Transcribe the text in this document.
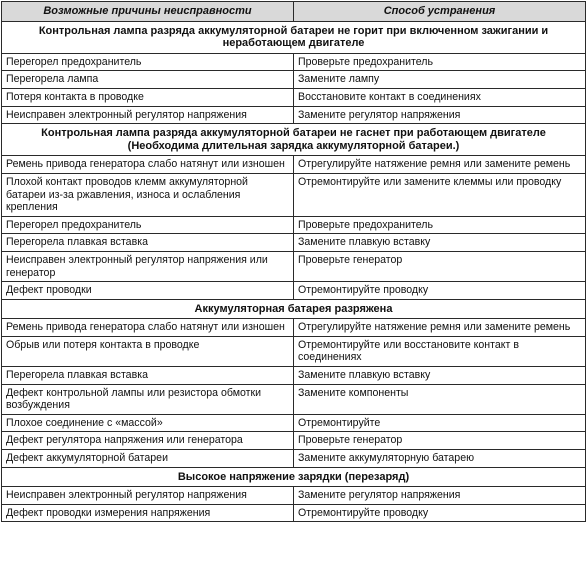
Возможные причины неисправности	Способ устранения
Контрольная лампа разряда аккумуляторной батареи не горит при включенном зажигании и неработающем двигателе	
Перегорел предохранитель	Проверьте предохранитель
Перегорела лампа	Замените лампу
Потеря контакта в проводке	Восстановите контакт в соединениях
Неисправен электронный регулятор напряжения	Замените регулятор напряжения
Контрольная лампа разряда аккумуляторной батареи не гаснет при работающем двигателе (Необходима длительная зарядка аккумуляторной батареи.)	
Ремень привода генератора слабо натянут или изношен	Отрегулируйте натяжение ремня или замените ремень
Плохой контакт проводов клемм аккумуляторной батареи из-за ржавления, износа и ослабления крепления	Отремонтируйте или замените клеммы или проводку
Перегорел предохранитель	Проверьте предохранитель
Перегорела плавкая вставка	Замените плавкую вставку
Неисправен электронный регулятор напряжения или генератор	Проверьте генератор
Дефект проводки	Отремонтируйте проводку
Аккумуляторная батарея разряжена	
Ремень привода генератора слабо натянут или изношен	Отрегулируйте натяжение ремня или замените ремень
Обрыв или потеря контакта в проводке	Отремонтируйте или восстановите контакт в соединениях
Перегорела плавкая вставка	Замените плавкую вставку
Дефект контрольной лампы или резистора обмотки возбуждения	Замените компоненты
Плохое соединение с «массой»	Отремонтируйте
Дефект регулятора напряжения или генератора	Проверьте генератор
Дефект аккумуляторной батареи	Замените аккумуляторную батарею
Высокое напряжение зарядки (перезаряд)	
Неисправен электронный регулятор напряжения	Замените регулятор напряжения
Дефект проводки измерения напряжения	Отремонтируйте проводку
